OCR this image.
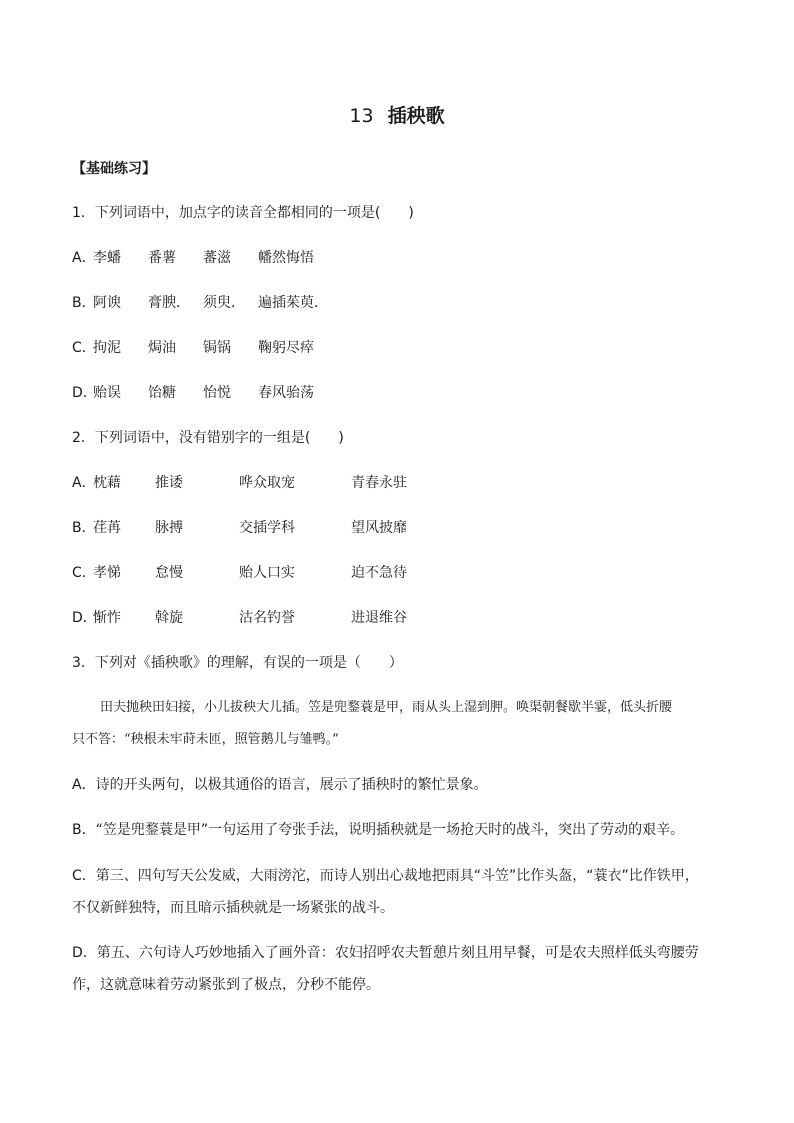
13 插秧歌
【基础练习】
1．下列词语中，加点字的读音全都相同的一项是(　　)
A．李蟠 番薯 蕃滋 幡然悔悟
B．阿谀 膏腴． 须臾． 遍插茱萸．
C．拘泥 焗油 锔锅 鞠躬尽瘁
D．贻误 饴糖 怡悦 春风骀荡
2．下列词语中，没有错别字的一组是(　　)
A．枕藉 推诿	哗众取宠	青春永驻
B．荏苒 脉搏	交插学科	望风披靡
C．孝悌 怠慢	贻人口实	迫不急待
D．惭怍 斡旋	沽名钓誉	进退维谷
3．下列对《插秧歌》的理解，有误的一项是（　　）
田夫抛秧田妇接，小儿拔秧大儿插。笠是兜鍪蓑是甲，雨从头上湿到胛。唤渠朝餐歇半霎，低头折腰
只不答：“秧根未牢莳未匝，照管鹅儿与雏鸭。”
A．诗的开头两句，以极其通俗的语言，展示了插秧时的繁忙景象。
B．“笠是兜鍪蓑是甲”一句运用了夸张手法，说明插秧就是一场抢天时的战斗，突出了劳动的艰辛。
C．第三、四句写天公发威，大雨滂沱，而诗人别出心裁地把雨具“斗笠”比作头盔，“蓑衣”比作铁甲，
不仅新鲜独特，而且暗示插秧就是一场紧张的战斗。
D．第五、六句诗人巧妙地插入了画外音：农妇招呼农夫暂憩片刻且用早餐，可是农夫照样低头弯腰劳
作，这就意味着劳动紧张到了极点，分秒不能停。
